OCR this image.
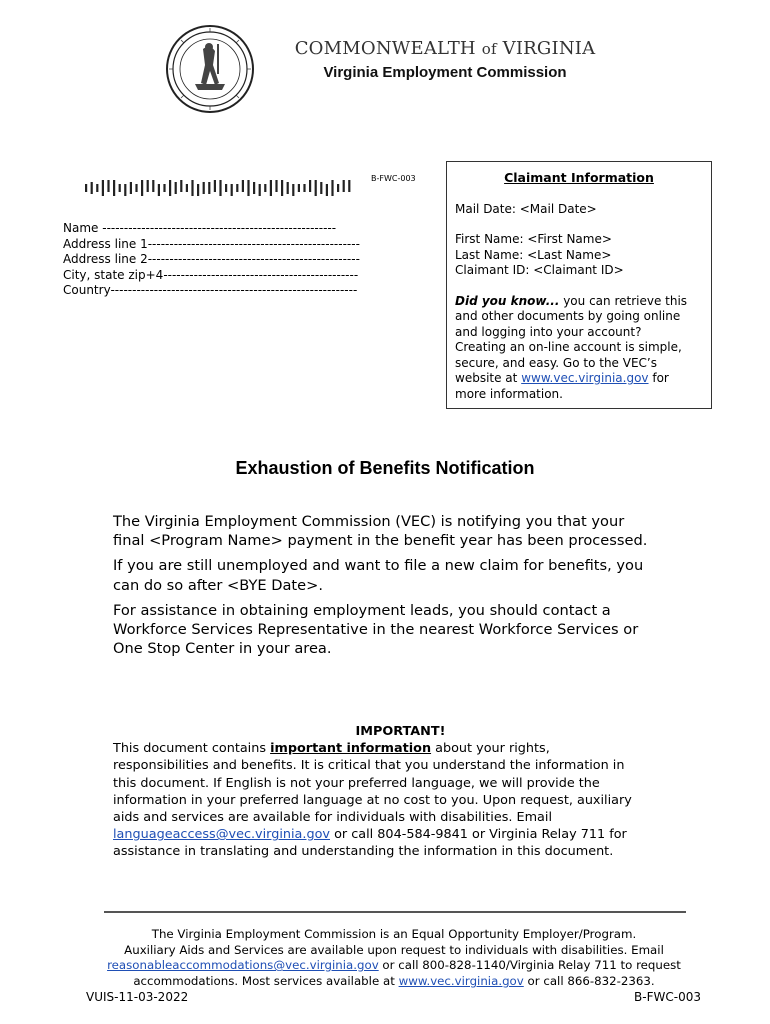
COMMONWEALTH of VIRGINIA
Virginia Employment Commission
B-FWC-003
Name ------------------------------------------------------
Address line 1-------------------------------------------------
Address line 2-------------------------------------------------
City, state zip+4---------------------------------------------
Country---------------------------------------------------------
Claimant Information
Mail Date: <Mail Date>
First Name: <First Name>
Last Name: <Last Name>
Claimant ID: <Claimant ID>
Did you know... you can retrieve this
and other documents by going online
and logging into your account?
Creating an on-line account is simple,
secure, and easy. Go to the VEC’s
website at www.vec.virginia.gov for
more information.
Exhaustion of Benefits Notification

The Virginia Employment Commission (VEC) is notifying you that your
final <Program Name> payment in the benefit year has been processed.

If you are still unemployed and want to file a new claim for benefits, you
can do so after <BYE Date>.

For assistance in obtaining employment leads, you should contact a
Workforce Services Representative in the nearest Workforce Services or
One Stop Center in your area.

IMPORTANT!
This document contains important information about your rights,
responsibilities and benefits. It is critical that you understand the information in
this document. If English is not your preferred language, we will provide the
information in your preferred language at no cost to you. Upon request, auxiliary
aids and services are available for individuals with disabilities. Email
languageaccess@vec.virginia.gov or call 804-584-9841 or Virginia Relay 711 for
assistance in translating and understanding the information in this document.
The Virginia Employment Commission is an Equal Opportunity Employer/Program.
Auxiliary Aids and Services are available upon request to individuals with disabilities. Email
reasonableaccommodations@vec.virginia.gov or call 800-828-1140/Virginia Relay 711 to request
accommodations. Most services available at www.vec.virginia.gov or call 866-832-2363.
VUIS-11-03-2022	B-FWC-003
